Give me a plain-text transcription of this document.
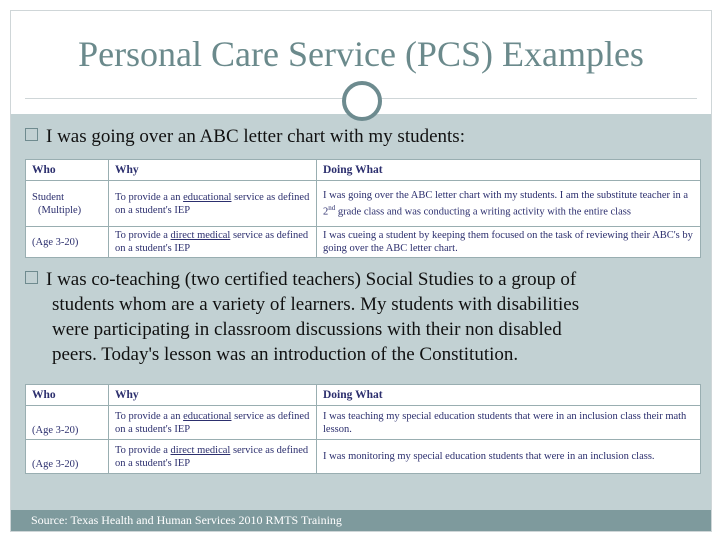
Personal Care Service (PCS) Examples
I was going over an ABC letter chart with my students:
Who	Why	Doing What

Student
(Multiple)	To provide a an educational service as defined on a student's IEP	I was going over the ABC letter chart with my students. I am the substitute teacher in a 2nd grade class and was conducting a writing activity with the entire class
(Age 3-20)	To provide a direct medical service as defined on a student's IEP	I was cueing a student by keeping them focused on the task of reviewing their ABC's by going over the ABC letter chart.
I was co-teaching (two certified teachers) Social Studies to a group of
students whom are a variety of learners. My students with disabilities
were participating in classroom discussions with their non disabled
peers. Today's lesson was an introduction of the Constitution.
Who	Why	Doing What
(Age 3-20)	To provide a an educational service as defined on a student's IEP	I was teaching my special education students that were in an inclusion class their math lesson.
(Age 3-20)	To provide a direct medical service as defined on a student's IEP	I was monitoring my special education students that were in an inclusion class.
Source: Texas Health and Human Services 2010 RMTS Training
